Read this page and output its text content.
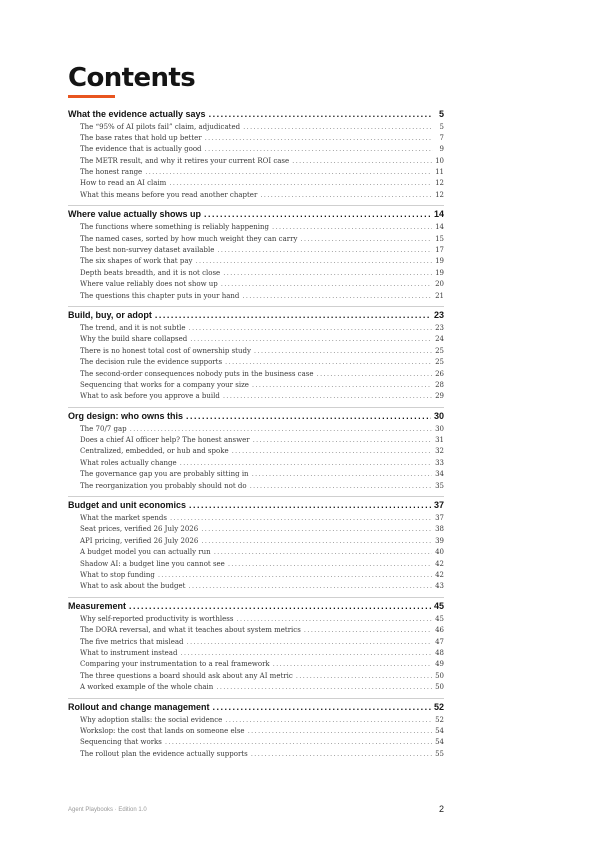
Contents
What the evidence actually says . . .	5
The “95% of AI pilots fail” claim, adjudicated . . .	5
The base rates that hold up better . . .	7
The evidence that is actually good . . .	9
The METR result, and why it retires your current ROI case . . .	10
The honest range . . .	11
How to read an AI claim . . .	12
What this means before you read another chapter . . .	12
Where value actually shows up . . .	14
The functions where something is reliably happening . . .	14
The named cases, sorted by how much weight they can carry . . .	15
The best non-survey dataset available . . .	17
The six shapes of work that pay . . .	19
Depth beats breadth, and it is not close . . .	19
Where value reliably does not show up . . .	20
The questions this chapter puts in your hand . . .	21
Build, buy, or adopt . . .	23
The trend, and it is not subtle . . .	23
Why the build share collapsed . . .	24
There is no honest total cost of ownership study . . .	25
The decision rule the evidence supports . . .	25
The second-order consequences nobody puts in the business case . . .	26
Sequencing that works for a company your size . . .	28
What to ask before you approve a build . . .	29
Org design: who owns this . . .	30
The 70/7 gap . . .	30
Does a chief AI officer help? The honest answer . . .	31
Centralized, embedded, or hub and spoke . . .	32
What roles actually change . . .	33
The governance gap you are probably sitting in . . .	34
The reorganization you probably should not do . . .	35
Budget and unit economics . . .	37
What the market spends . . .	37
Seat prices, verified 26 July 2026 . . .	38
API pricing, verified 26 July 2026 . . .	39
A budget model you can actually run . . .	40
Shadow AI: a budget line you cannot see . . .	42
What to stop funding . . .	42
What to ask about the budget . . .	43
Measurement . . .	45
Why self-reported productivity is worthless . . .	45
The DORA reversal, and what it teaches about system metrics . . .	46
The five metrics that mislead . . .	47
What to instrument instead . . .	48
Comparing your instrumentation to a real framework . . .	49
The three questions a board should ask about any AI metric . . .	50
A worked example of the whole chain . . .	50
Rollout and change management . . .	52
Why adoption stalls: the social evidence . . .	52
Workslop: the cost that lands on someone else . . .	54
Sequencing that works . . .	54
The rollout plan the evidence actually supports . . .	55
Agent Playbooks · Edition 1.0	2
